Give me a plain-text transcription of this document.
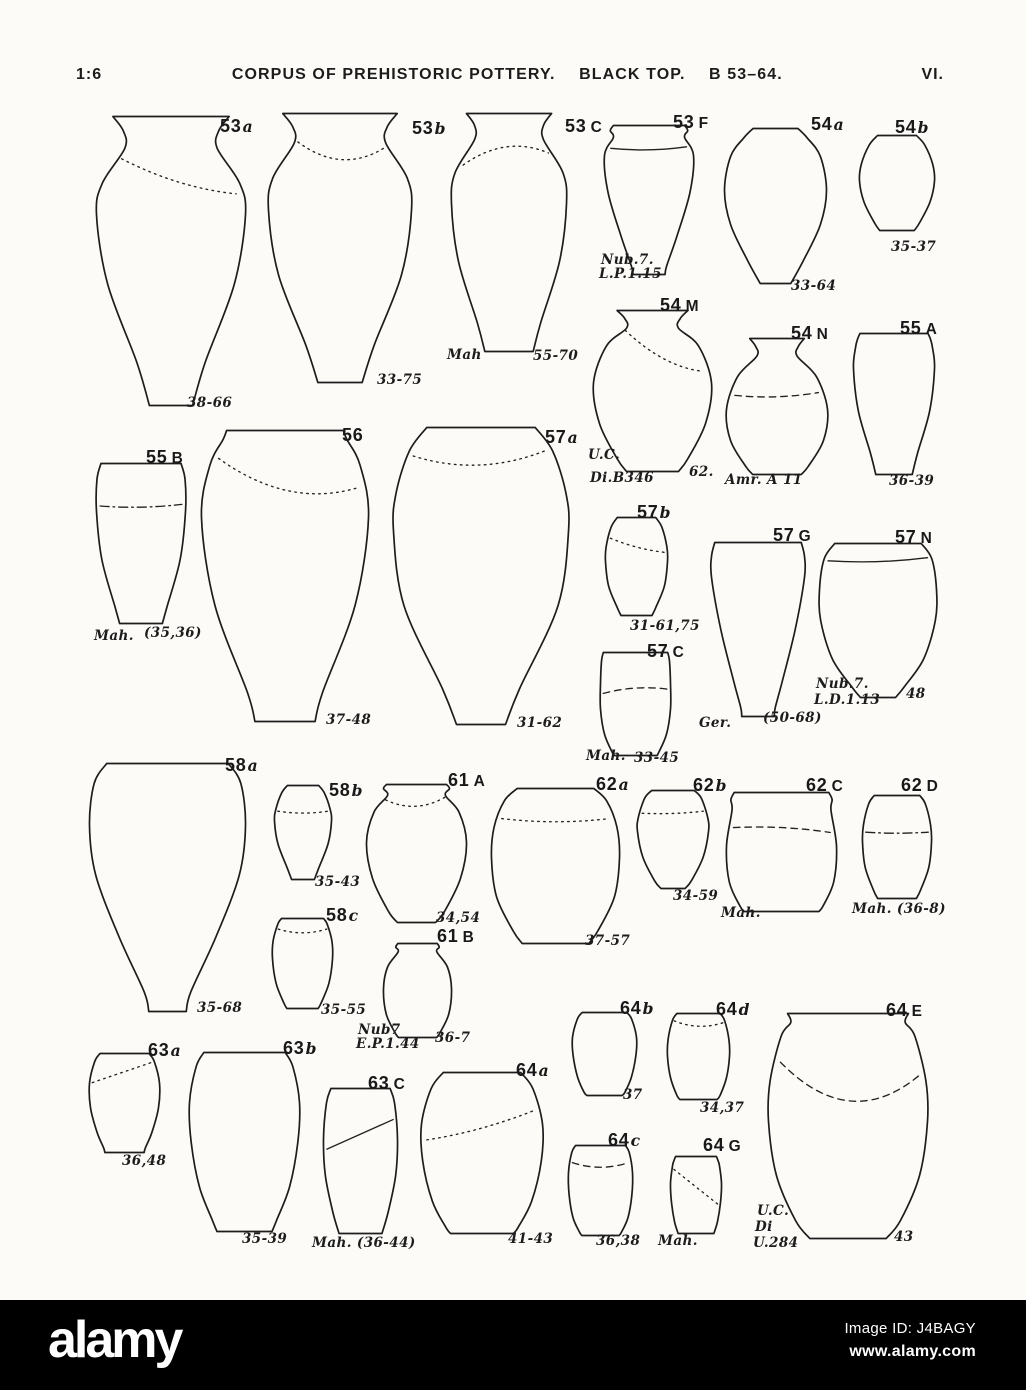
1:6	CORPUS OF PREHISTORIC POTTERY. BLACK TOP. B 53–64.	VI.
53a
38-66
53b
33-75
53 C
Mah	55-70
53 F
Nub.7.
L.P.1.15
54a
33-64
54b
35-37
54 M
U.C.
Di.B346	62.
54 N
Amr. A 11
55 A
36-39
55 B
Mah. (35,36)
56
37-48
57a
31-62
57b
31-61,75
57 C
Mah. 33-45
57 G
Ger. (50-68)
57 N
Nub.7.
L.D.1.13 48
58a
35-68
58b
35-43
58c
35-55
61 A
34,54
61 B
Nub7
E.P.1.44 36-7
62a
37-57
62b
34-59
62 C
Mah.
62 D
Mah. (36-8)
63a
36,48
63b
35-39
63 C
Mah. (36-44)
64a
41-43
64b
37
64d
34,37
64c
36,38
64 G
Mah.
64 E
U.C.
Di
U.284	43
alamy	Image ID: J4BAGY
www.alamy.com
